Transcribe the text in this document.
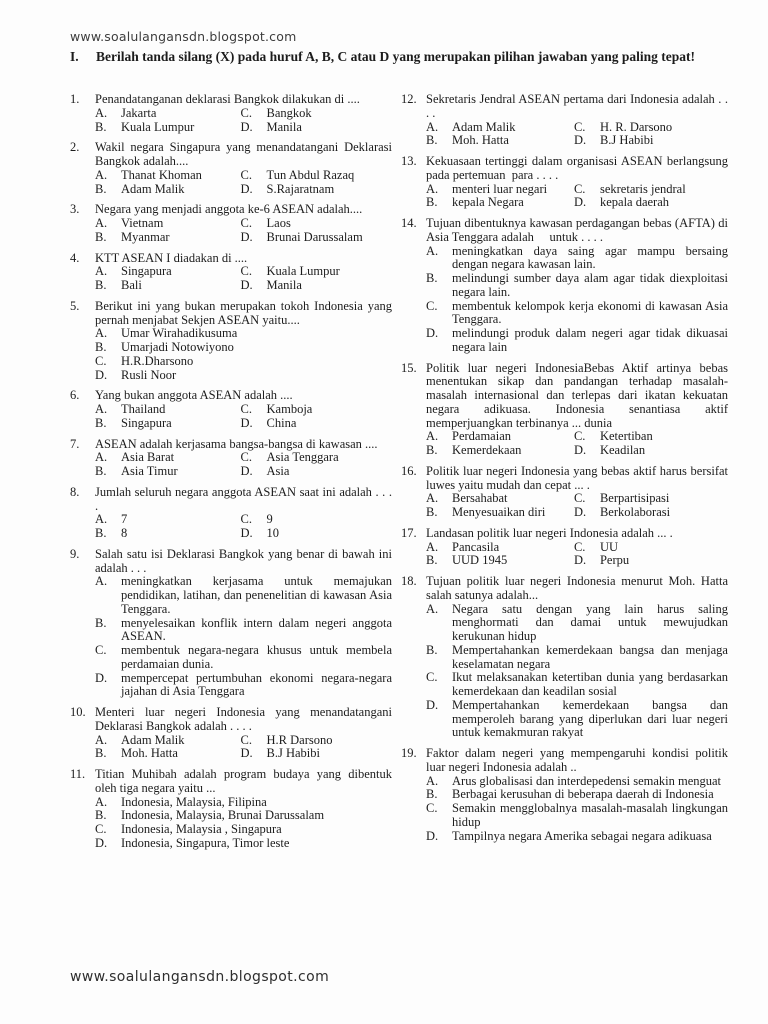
www.soalulangansdn.blogspot.com
I.	Berilah tanda silang (X) pada huruf A, B, C atau D yang merupakan pilihan jawaban yang paling tepat!
1.	Penandatanganan deklarasi Bangkok dilakukan di ....
A.	Jakarta
B.	Kuala Lumpur
C.	Bangkok
D.	Manila
2.	Wakil negara Singapura yang menandatangani Deklarasi Bangkok adalah....
A.	Thanat Khoman
B.	Adam Malik
C.	Tun Abdul Razaq
D.	S.Rajaratnam
3.	Negara yang menjadi anggota ke-6 ASEAN adalah....
A.	Vietnam
B.	Myanmar
C.	Laos
D.	Brunai Darussalam
4.	KTT ASEAN I diadakan di ....
A.	Singapura
B.	Bali
C.	Kuala Lumpur
D.	Manila
5.	Berikut ini yang bukan merupakan tokoh Indonesia yang pernah menjabat Sekjen ASEAN yaitu....
A.	Umar Wirahadikusuma
B.	Umarjadi Notowiyono
C.	H.R.Dharsono
D.	Rusli Noor
6.	Yang bukan anggota ASEAN adalah ....
A.	Thailand
B.	Singapura
C.	Kamboja
D.	China
7.	ASEAN adalah kerjasama bangsa-bangsa di kawasan ....
A.	Asia Barat
B.	Asia Timur
C.	Asia Tenggara
D.	Asia
8.	Jumlah seluruh negara anggota ASEAN saat ini adalah . . . .
A.	7
B.	8
C.	9
D.	10
9.	Salah satu isi Deklarasi Bangkok yang benar di bawah ini adalah . . .
A.	meningkatkan kerjasama untuk memajukan pendidikan, latihan, dan penenelitian di kawasan Asia Tenggara.
B.	menyelesaikan konflik intern dalam negeri anggota ASEAN.
C.	membentuk negara-negara khusus untuk membela perdamaian dunia.
D.	mempercepat pertumbuhan ekonomi negara-negara jajahan di Asia Tenggara
10. Menteri luar negeri Indonesia yang menandatangani Deklarasi Bangkok adalah . . . .
A.	Adam Malik
B.	Moh. Hatta
C.	H.R Darsono
D.	B.J Habibi
11. Titian Muhibah adalah program budaya yang dibentuk oleh tiga negara yaitu ...
A.	Indonesia, Malaysia, Filipina
B.	Indonesia, Malaysia, Brunai Darussalam
C.	Indonesia, Malaysia , Singapura
D.	Indonesia, Singapura, Timor leste
12. Sekretaris Jendral ASEAN pertama dari Indonesia adalah . . . .
A.	Adam Malik
B.	Moh. Hatta
C.	H. R. Darsono
D.	B.J Habibi
13. Kekuasaan tertinggi dalam organisasi ASEAN berlangsung pada pertemuan  para . . . .
A.	menteri luar negari
B.	kepala Negara
C.	sekretaris jendral
D.	kepala daerah
14. Tujuan dibentuknya kawasan perdagangan bebas (AFTA) di Asia Tenggara adalah     untuk . . . .
A.	meningkatkan daya saing agar mampu bersaing dengan negara kawasan lain.
B.	melindungi sumber daya alam agar tidak diexploitasi negara lain.
C.	membentuk kelompok kerja ekonomi di kawasan Asia Tenggara.
D.	melindungi produk dalam negeri agar tidak dikuasai negara lain
15. Politik luar negeri IndonesiaBebas Aktif artinya bebas menentukan sikap dan pandangan terhadap masalah-masalah internasional dan terlepas dari ikatan kekuatan negara adikuasa. Indonesia senantiasa aktif memperjuangkan terbinanya ... dunia
A.	Perdamaian
B.	Kemerdekaan
C.	Ketertiban
D.	Keadilan
16. Politik luar negeri Indonesia yang bebas aktif harus bersifat luwes yaitu mudah dan cepat ... .
A.	Bersahabat
B.	Menyesuaikan diri
C.	Berpartisipasi
D.	Berkolaborasi
17. Landasan politik luar negeri Indonesia adalah ... .
A.	Pancasila
B.	UUD 1945
C.	UU
D.	Perpu
18. Tujuan politik luar negeri Indonesia menurut Moh. Hatta salah satunya adalah...
A.	Negara satu dengan yang lain harus saling menghormati dan damai untuk mewujudkan kerukunan hidup
B.	Mempertahankan kemerdekaan bangsa dan menjaga keselamatan negara
C.	Ikut melaksanakan ketertiban dunia yang berdasarkan kemerdekaan dan keadilan sosial
D.	Mempertahankan kemerdekaan bangsa dan memperoleh barang yang diperlukan dari luar negeri untuk kemakmuran rakyat
19. Faktor dalam negeri yang mempengaruhi kondisi politik luar negeri Indonesia adalah ..
A.	Arus globalisasi dan interdepedensi semakin menguat
B.	Berbagai kerusuhan di beberapa daerah di Indonesia
C.	Semakin mengglobalnya masalah-masalah lingkungan hidup
D.	Tampilnya negara Amerika sebagai negara adikuasa
www.soalulangansdn.blogspot.com
